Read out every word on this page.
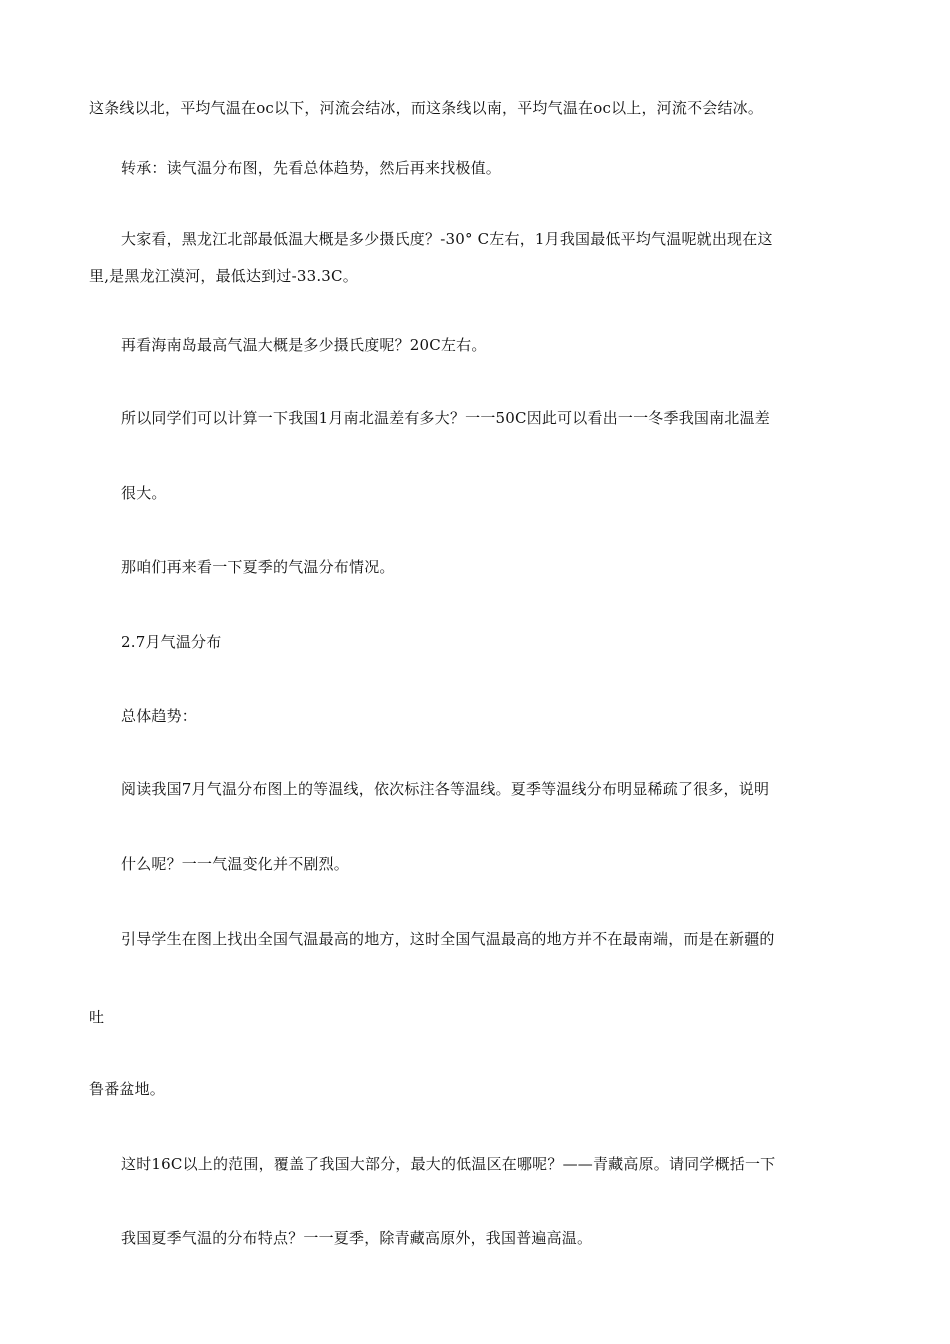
这条线以北，平均气温在oc以下，河流会结冰，而这条线以南，平均气温在oc以上，河流不会结冰。
转承：读气温分布图，先看总体趋势，然后再来找极值。
大家看，黑龙江北部最低温大概是多少摄氏度？-30° C左右，1月我国最低平均气温呢就出现在这
里,是黑龙江漠河，最低达到过-33.3C。
再看海南岛最高气温大概是多少摄氏度呢？20C左右。
所以同学们可以计算一下我国1月南北温差有多大？一一50C因此可以看出一一冬季我国南北温差
很大。
那咱们再来看一下夏季的气温分布情况。
2.7月气温分布
总体趋势：
阅读我国7月气温分布图上的等温线，依次标注各等温线。夏季等温线分布明显稀疏了很多，说明
什么呢？一一气温变化并不剧烈。
引导学生在图上找出全国气温最高的地方，这时全国气温最高的地方并不在最南端，而是在新疆的
吐
鲁番盆地。
这时16C以上的范围，覆盖了我国大部分，最大的低温区在哪呢？——青藏高原。请同学概括一下
我国夏季气温的分布特点？一一夏季，除青藏高原外，我国普遍高温。
